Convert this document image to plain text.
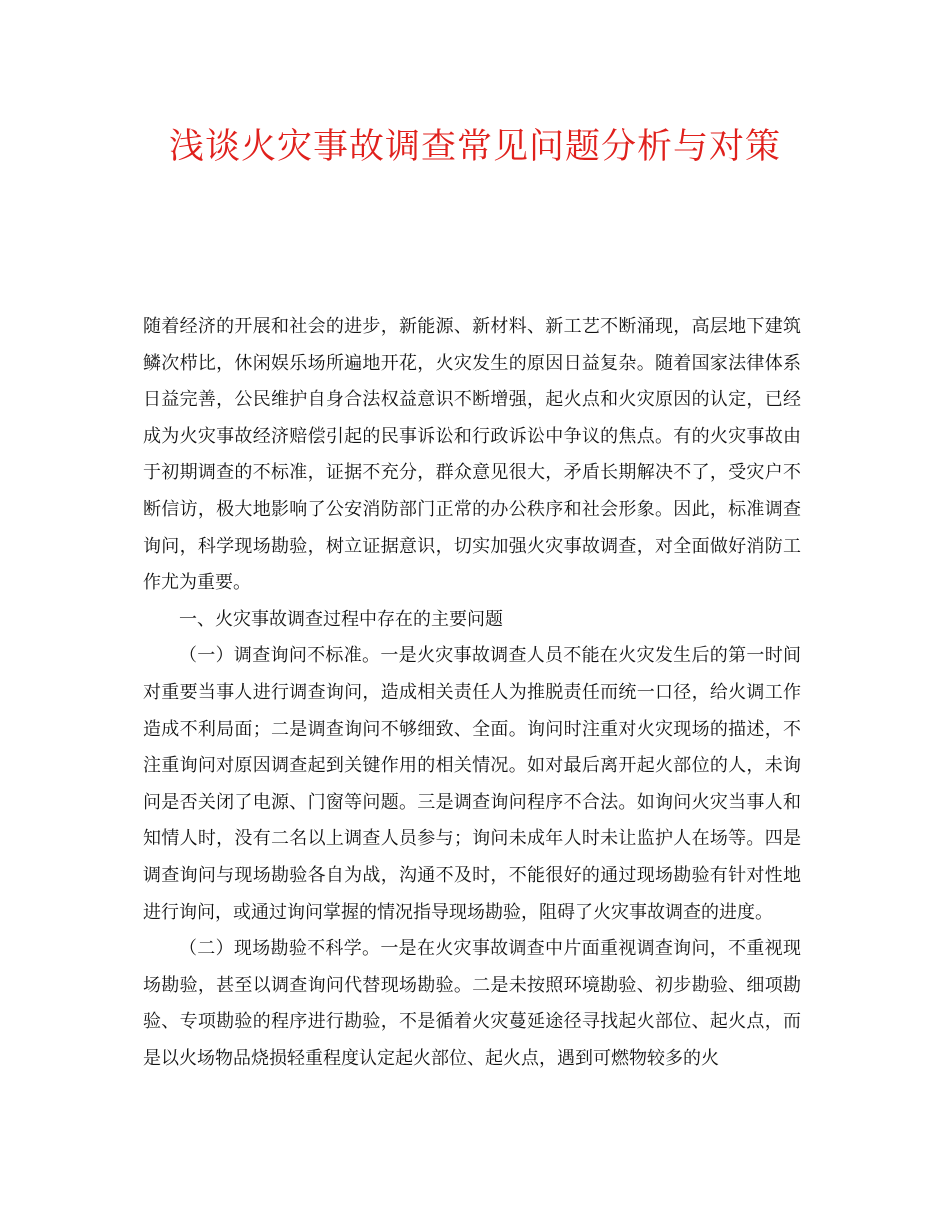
浅谈火灾事故调查常见问题分析与对策

随着经济的开展和社会的进步，新能源、新材料、新工艺不断涌现，高层地下建筑鳞次栉比，休闲娱乐场所遍地开花，火灾发生的原因日益复杂。随着国家法律体系日益完善，公民维护自身合法权益意识不断增强，起火点和火灾原因的认定，已经成为火灾事故经济赔偿引起的民事诉讼和行政诉讼中争议的焦点。有的火灾事故由于初期调查的不标准，证据不充分，群众意见很大，矛盾长期解决不了，受灾户不断信访，极大地影响了公安消防部门正常的办公秩序和社会形象。因此，标准调查询问，科学现场勘验，树立证据意识，切实加强火灾事故调查，对全面做好消防工作尤为重要。

一、火灾事故调查过程中存在的主要问题

（一）调查询问不标准。一是火灾事故调查人员不能在火灾发生后的第一时间对重要当事人进行调查询问，造成相关责任人为推脱责任而统一口径，给火调工作造成不利局面；二是调查询问不够细致、全面。询问时注重对火灾现场的描述，不注重询问对原因调查起到关键作用的相关情况。如对最后离开起火部位的人，未询问是否关闭了电源、门窗等问题。三是调查询问程序不合法。如询问火灾当事人和知情人时，没有二名以上调查人员参与；询问未成年人时未让监护人在场等。四是调查询问与现场勘验各自为战，沟通不及时，不能很好的通过现场勘验有针对性地进行询问，或通过询问掌握的情况指导现场勘验，阻碍了火灾事故调查的进度。

（二）现场勘验不科学。一是在火灾事故调查中片面重视调查询问，不重视现场勘验，甚至以调查询问代替现场勘验。二是未按照环境勘验、初步勘验、细项勘验、专项勘验的程序进行勘验，不是循着火灾蔓延途径寻找起火部位、起火点，而是以火场物品烧损轻重程度认定起火部位、起火点，遇到可燃物较多的火
